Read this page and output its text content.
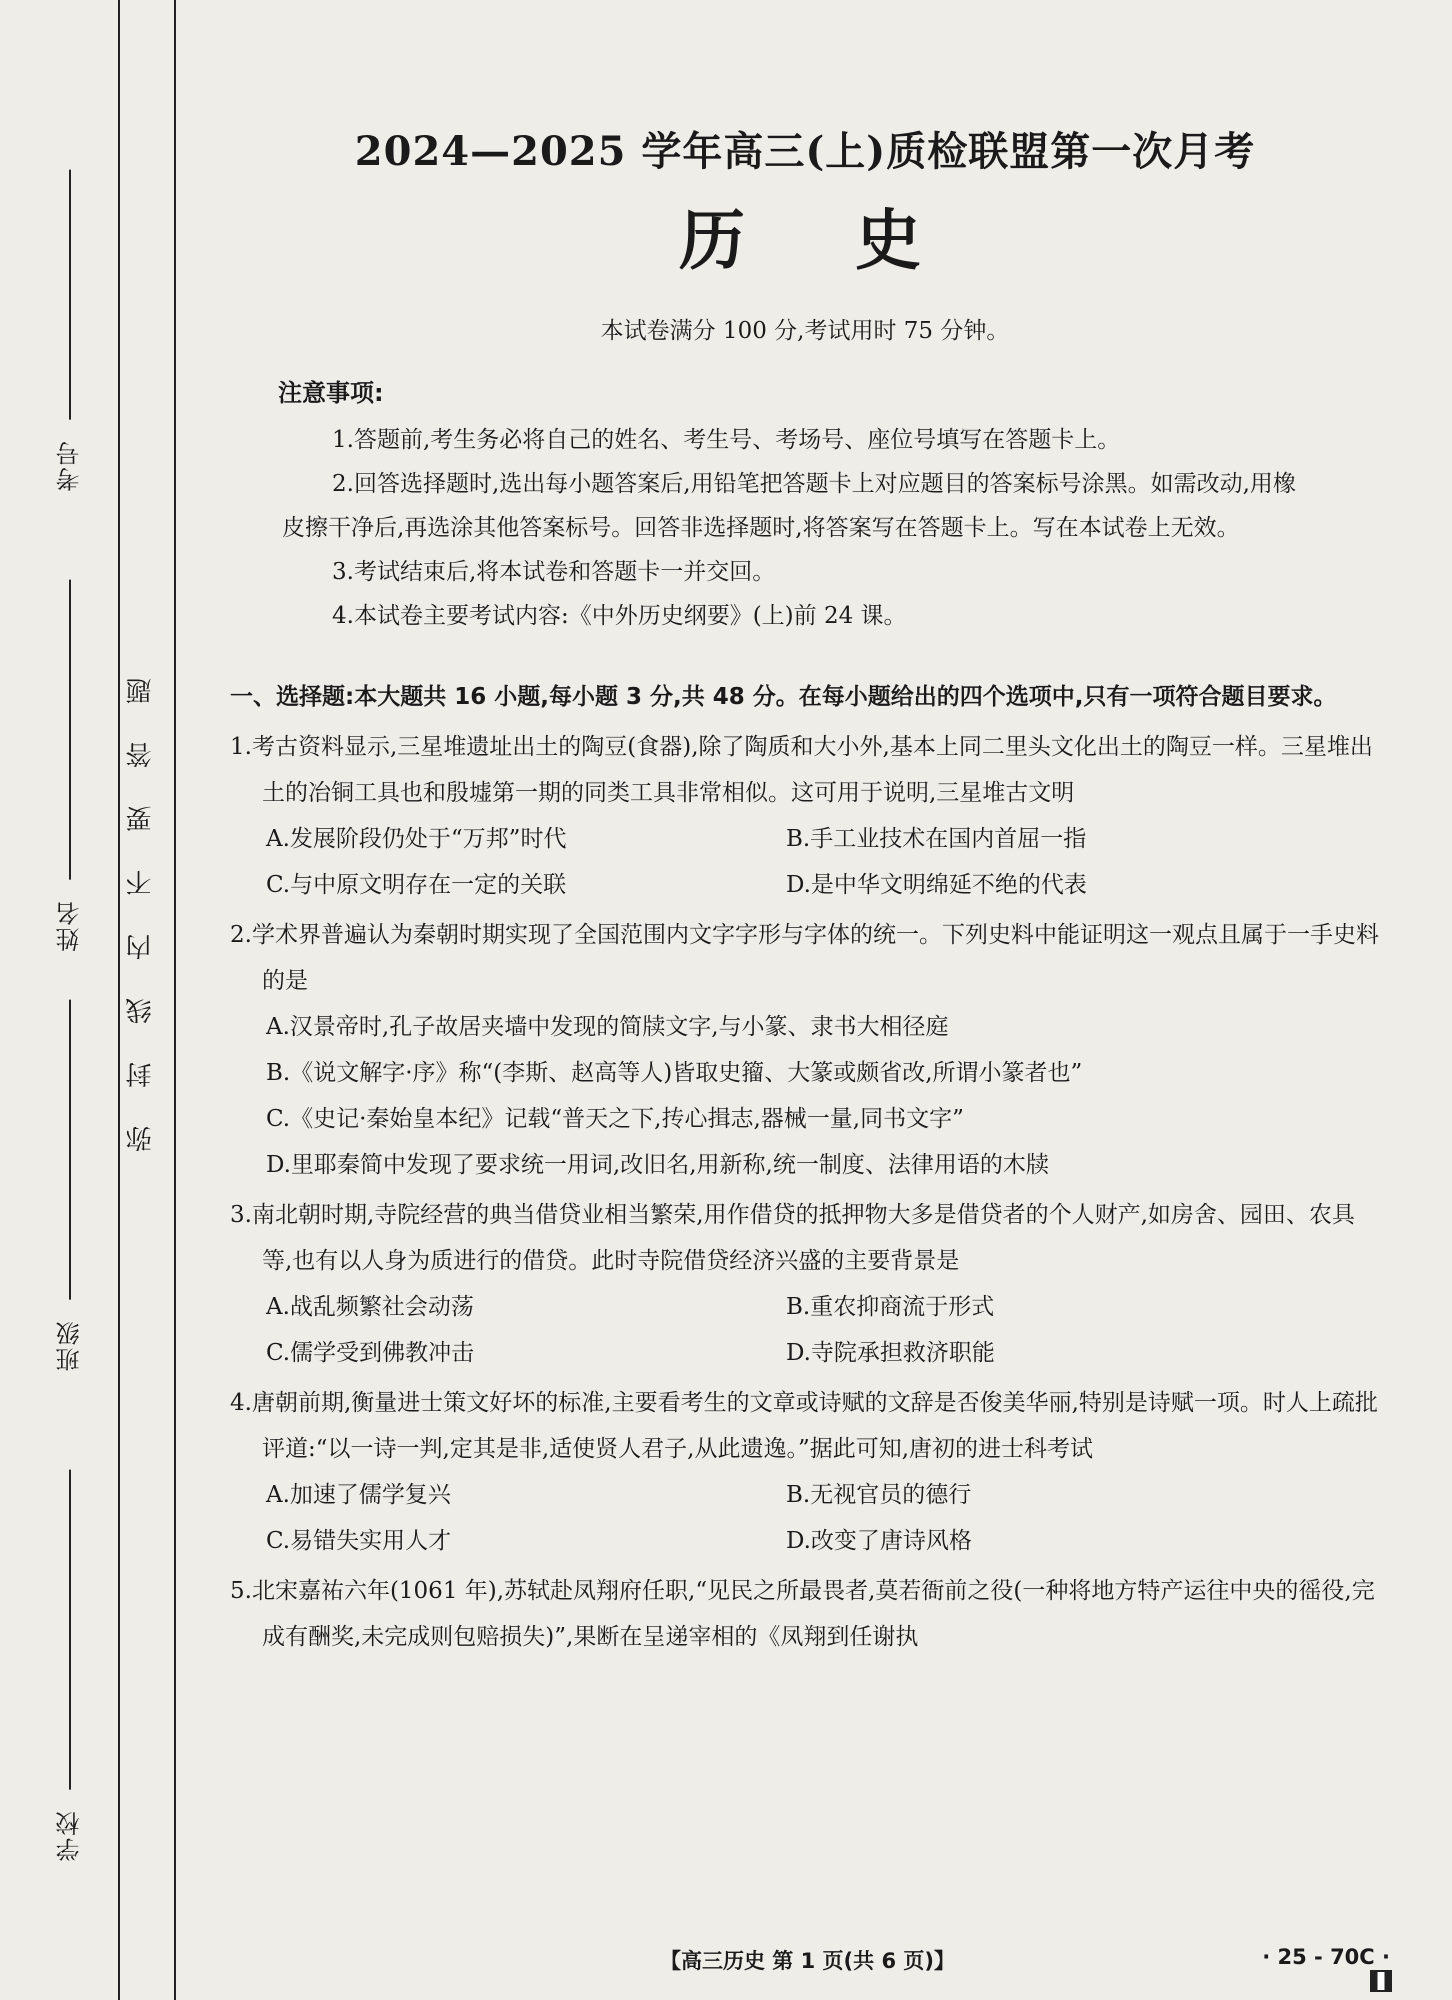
考号
姓名
班级
学校
弥封线内不要答题
2024—2025 学年高三(上)质检联盟第一次月考
历史
本试卷满分 100 分,考试用时 75 分钟。
注意事项:

1.答题前,考生务必将自己的姓名、考生号、考场号、座位号填写在答题卡上。

2.回答选择题时,选出每小题答案后,用铅笔把答题卡上对应题目的答案标号涂黑。如需改动,用橡皮擦干净后,再选涂其他答案标号。回答非选择题时,将答案写在答题卡上。写在本试卷上无效。

3.考试结束后,将本试卷和答题卡一并交回。

4.本试卷主要考试内容:《中外历史纲要》(上)前 24 课。

一、选择题:本大题共 16 小题,每小题 3 分,共 48 分。在每小题给出的四个选项中,只有一项符合题目要求。
1.考古资料显示,三星堆遗址出土的陶豆(食器),除了陶质和大小外,基本上同二里头文化出土的陶豆一样。三星堆出土的冶铜工具也和殷墟第一期的同类工具非常相似。这可用于说明,三星堆古文明
A.发展阶段仍处于“万邦”时代	B.手工业技术在国内首屈一指
C.与中原文明存在一定的关联	D.是中华文明绵延不绝的代表
2.学术界普遍认为秦朝时期实现了全国范围内文字字形与字体的统一。下列史料中能证明这一观点且属于一手史料的是
A.汉景帝时,孔子故居夹墙中发现的简牍文字,与小篆、隶书大相径庭
B.《说文解字·序》称“(李斯、赵高等人)皆取史籀、大篆或颇省改,所谓小篆者也”
C.《史记·秦始皇本纪》记载“普天之下,抟心揖志,器械一量,同书文字”
D.里耶秦简中发现了要求统一用词,改旧名,用新称,统一制度、法律用语的木牍
3.南北朝时期,寺院经营的典当借贷业相当繁荣,用作借贷的抵押物大多是借贷者的个人财产,如房舍、园田、农具等,也有以人身为质进行的借贷。此时寺院借贷经济兴盛的主要背景是
A.战乱频繁社会动荡	B.重农抑商流于形式
C.儒学受到佛教冲击	D.寺院承担救济职能
4.唐朝前期,衡量进士策文好坏的标准,主要看考生的文章或诗赋的文辞是否俊美华丽,特别是诗赋一项。时人上疏批评道:“以一诗一判,定其是非,适使贤人君子,从此遗逸。”据此可知,唐初的进士科考试
A.加速了儒学复兴	B.无视官员的德行
C.易错失实用人才	D.改变了唐诗风格
5.北宋嘉祐六年(1061 年),苏轼赴凤翔府任职,“见民之所最畏者,莫若衙前之役(一种将地方特产运往中央的徭役,完成有酬奖,未完成则包赔损失)”,果断在呈递宰相的《凤翔到任谢执
【高三历史 第 1 页(共 6 页)】	· 25 - 70C ·
